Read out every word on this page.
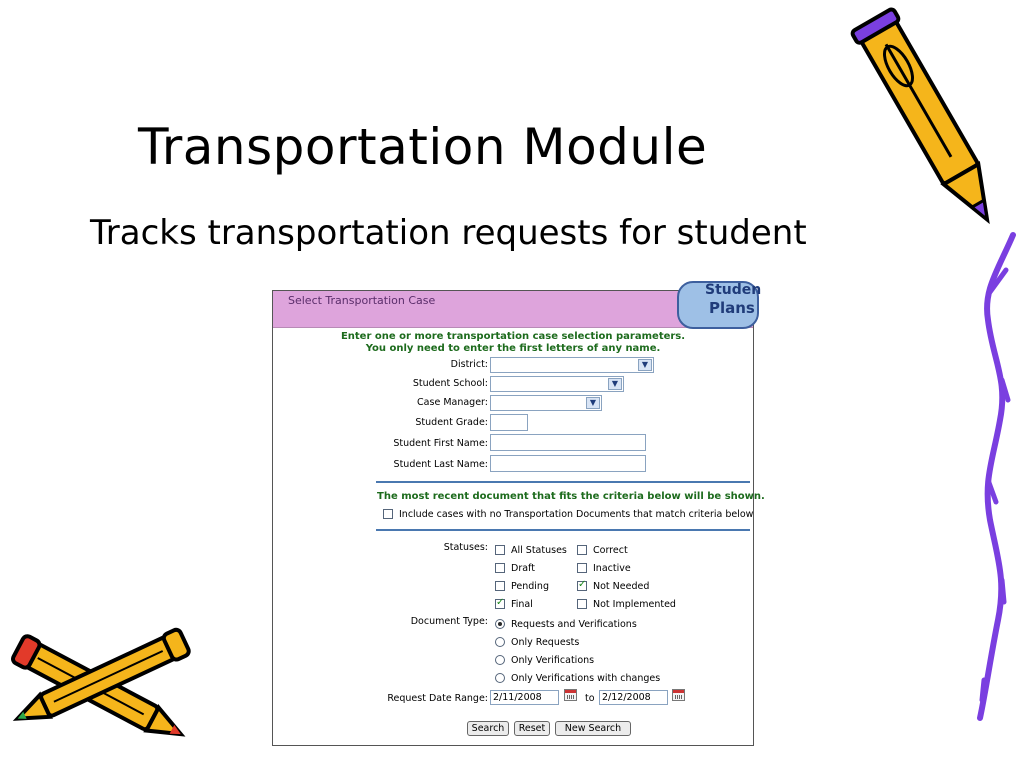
Transportation Module
Tracks transportation requests for student
Select Transportation Case
Studen
Plans
Enter one or more transportation case selection parameters.
You only need to enter the first letters of any name.
District:	▼
Student School:	▼
Case Manager:	▼
Student Grade:
Student First Name:
Student Last Name:
The most recent document that fits the criteria below will be shown.
Include cases with no Transportation Documents that match criteria below
Statuses: All Statuses	Correct
Draft	Inactive
Pending
✓	Not Needed
✓
Final	Not Implemented
Document Type: Requests and Verifications
Only Requests
Only Verifications
Only Verifications with changes
Request Date Range: 2/11/2008	to 2/12/2008
Search	Reset	New Search
